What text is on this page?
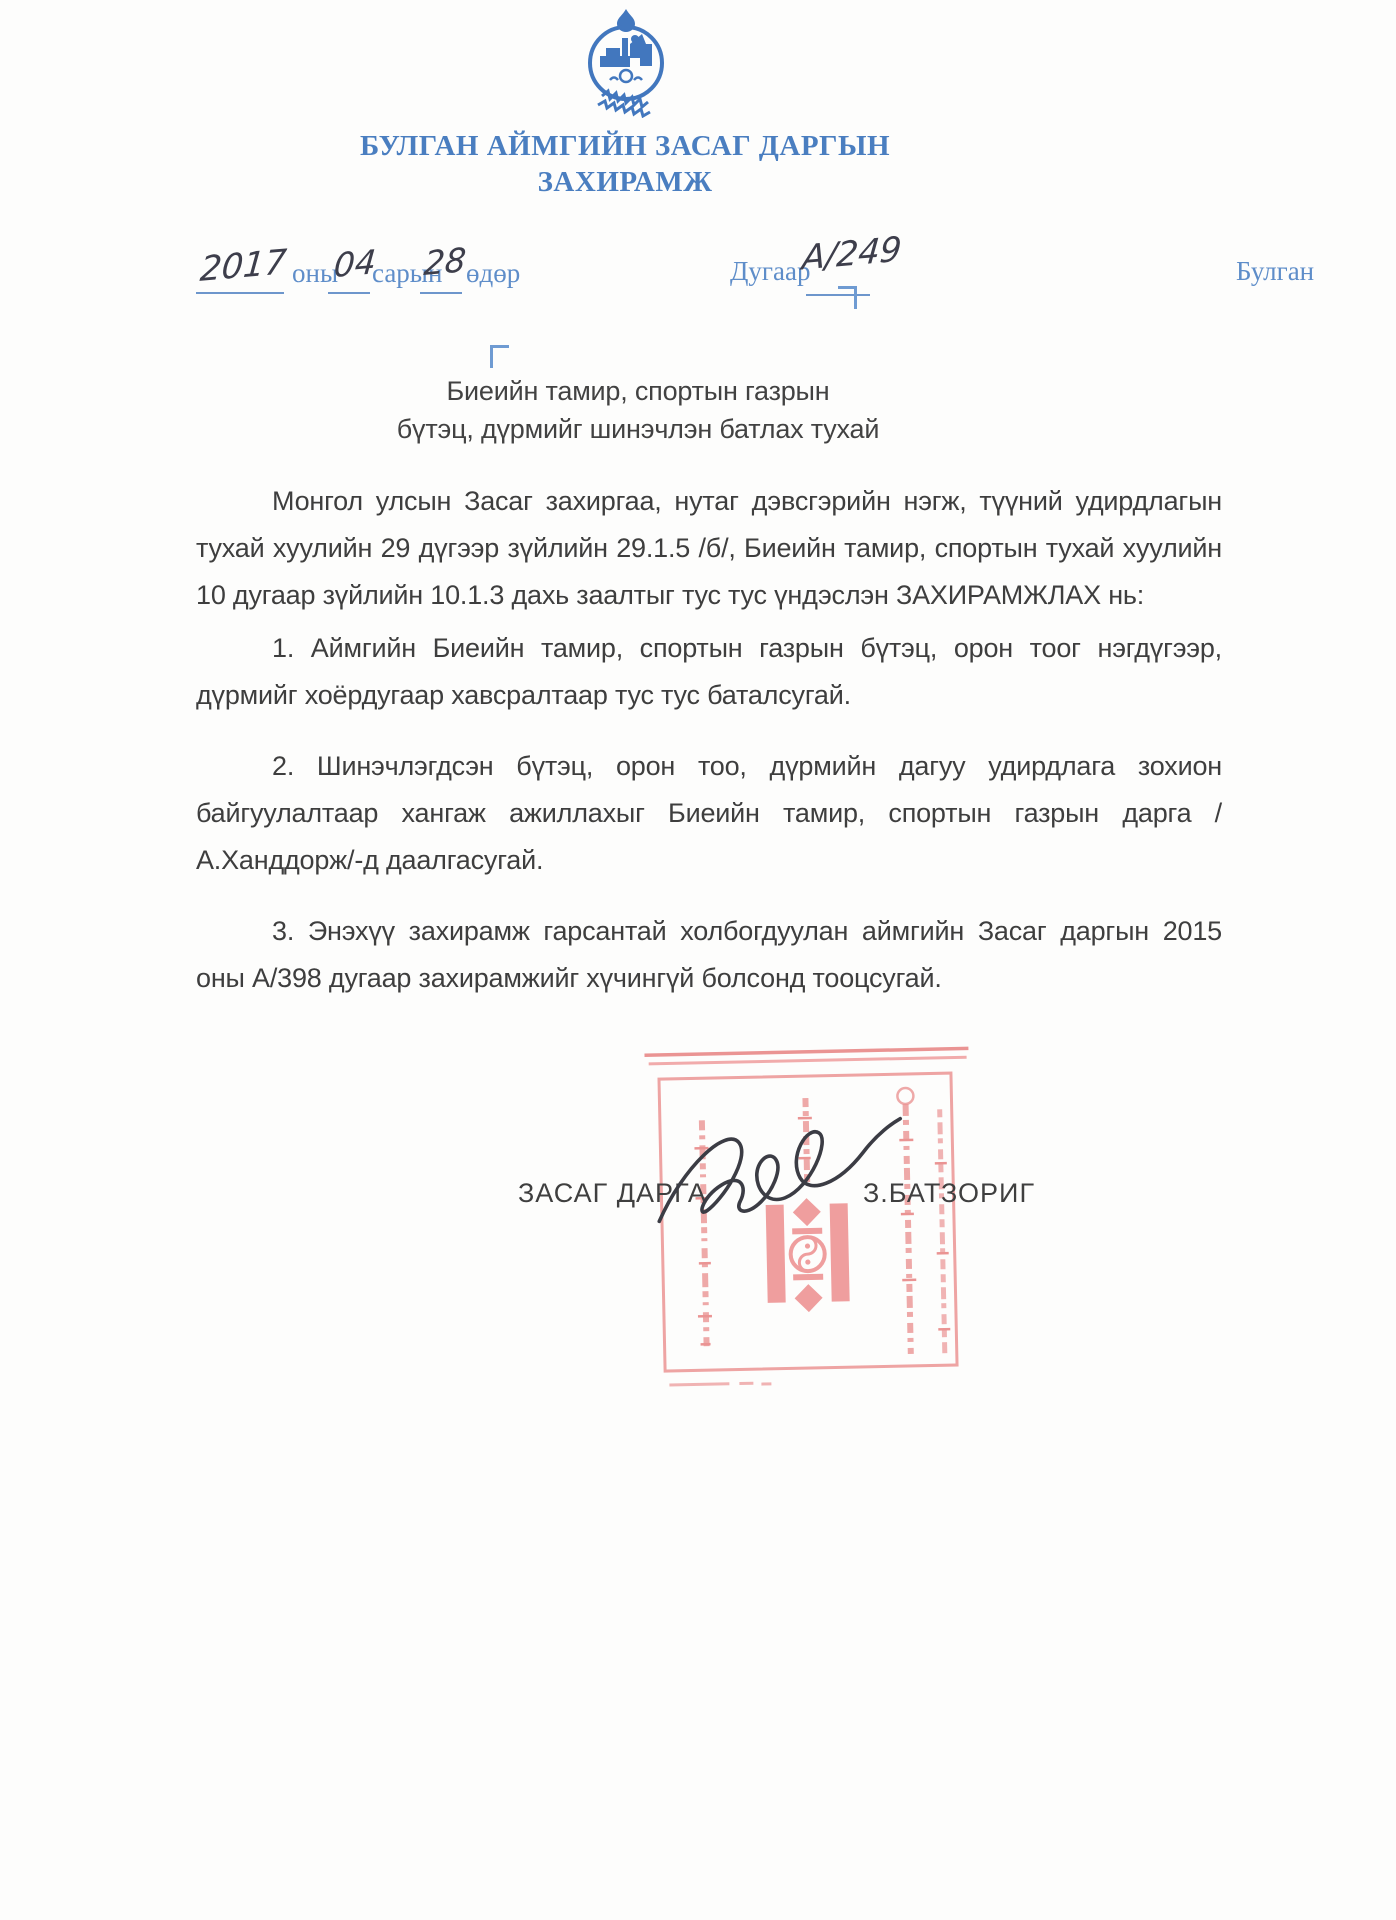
БУЛГАН АЙМГИЙН ЗАСАГ ДАРГЫН
ЗАХИРАМЖ
2017 оны
04
сарын
28
өдөр	Дугаар
А/249	Булган
Биеийн тамир, спортын газрын
бүтэц, дүрмийг шинэчлэн батлах тухай

Монгол улсын Засаг захиргаа, нутаг дэвсгэрийн нэгж, түүний удирдлагын тухай хуулийн 29 дүгээр зүйлийн 29.1.5 /б/, Биеийн тамир, спортын тухай хуулийн 10 дугаар зүйлийн 10.1.3 дахь заалтыг тус тус үндэслэн ЗАХИРАМЖЛАХ нь:

1. Аймгийн Биеийн тамир, спортын газрын бүтэц, орон тоог нэгдүгээр, дүрмийг хоёрдугаар хавсралтаар тус тус баталсугай.

2. Шинэчлэгдсэн бүтэц, орон тоо, дүрмийн дагуу удирдлага зохион байгуулалтаар хангаж ажиллахыг Биеийн тамир, спортын газрын дарга /А.Ханддорж/-д даалгасугай.

3. Энэхүү захирамж гарсантай холбогдуулан аймгийн Засаг даргын 2015 оны А/398 дугаар захирамжийг хүчингүй болсонд тооцсугай.

ЗАСАГ ДАРГА	З.БАТЗОРИГ
